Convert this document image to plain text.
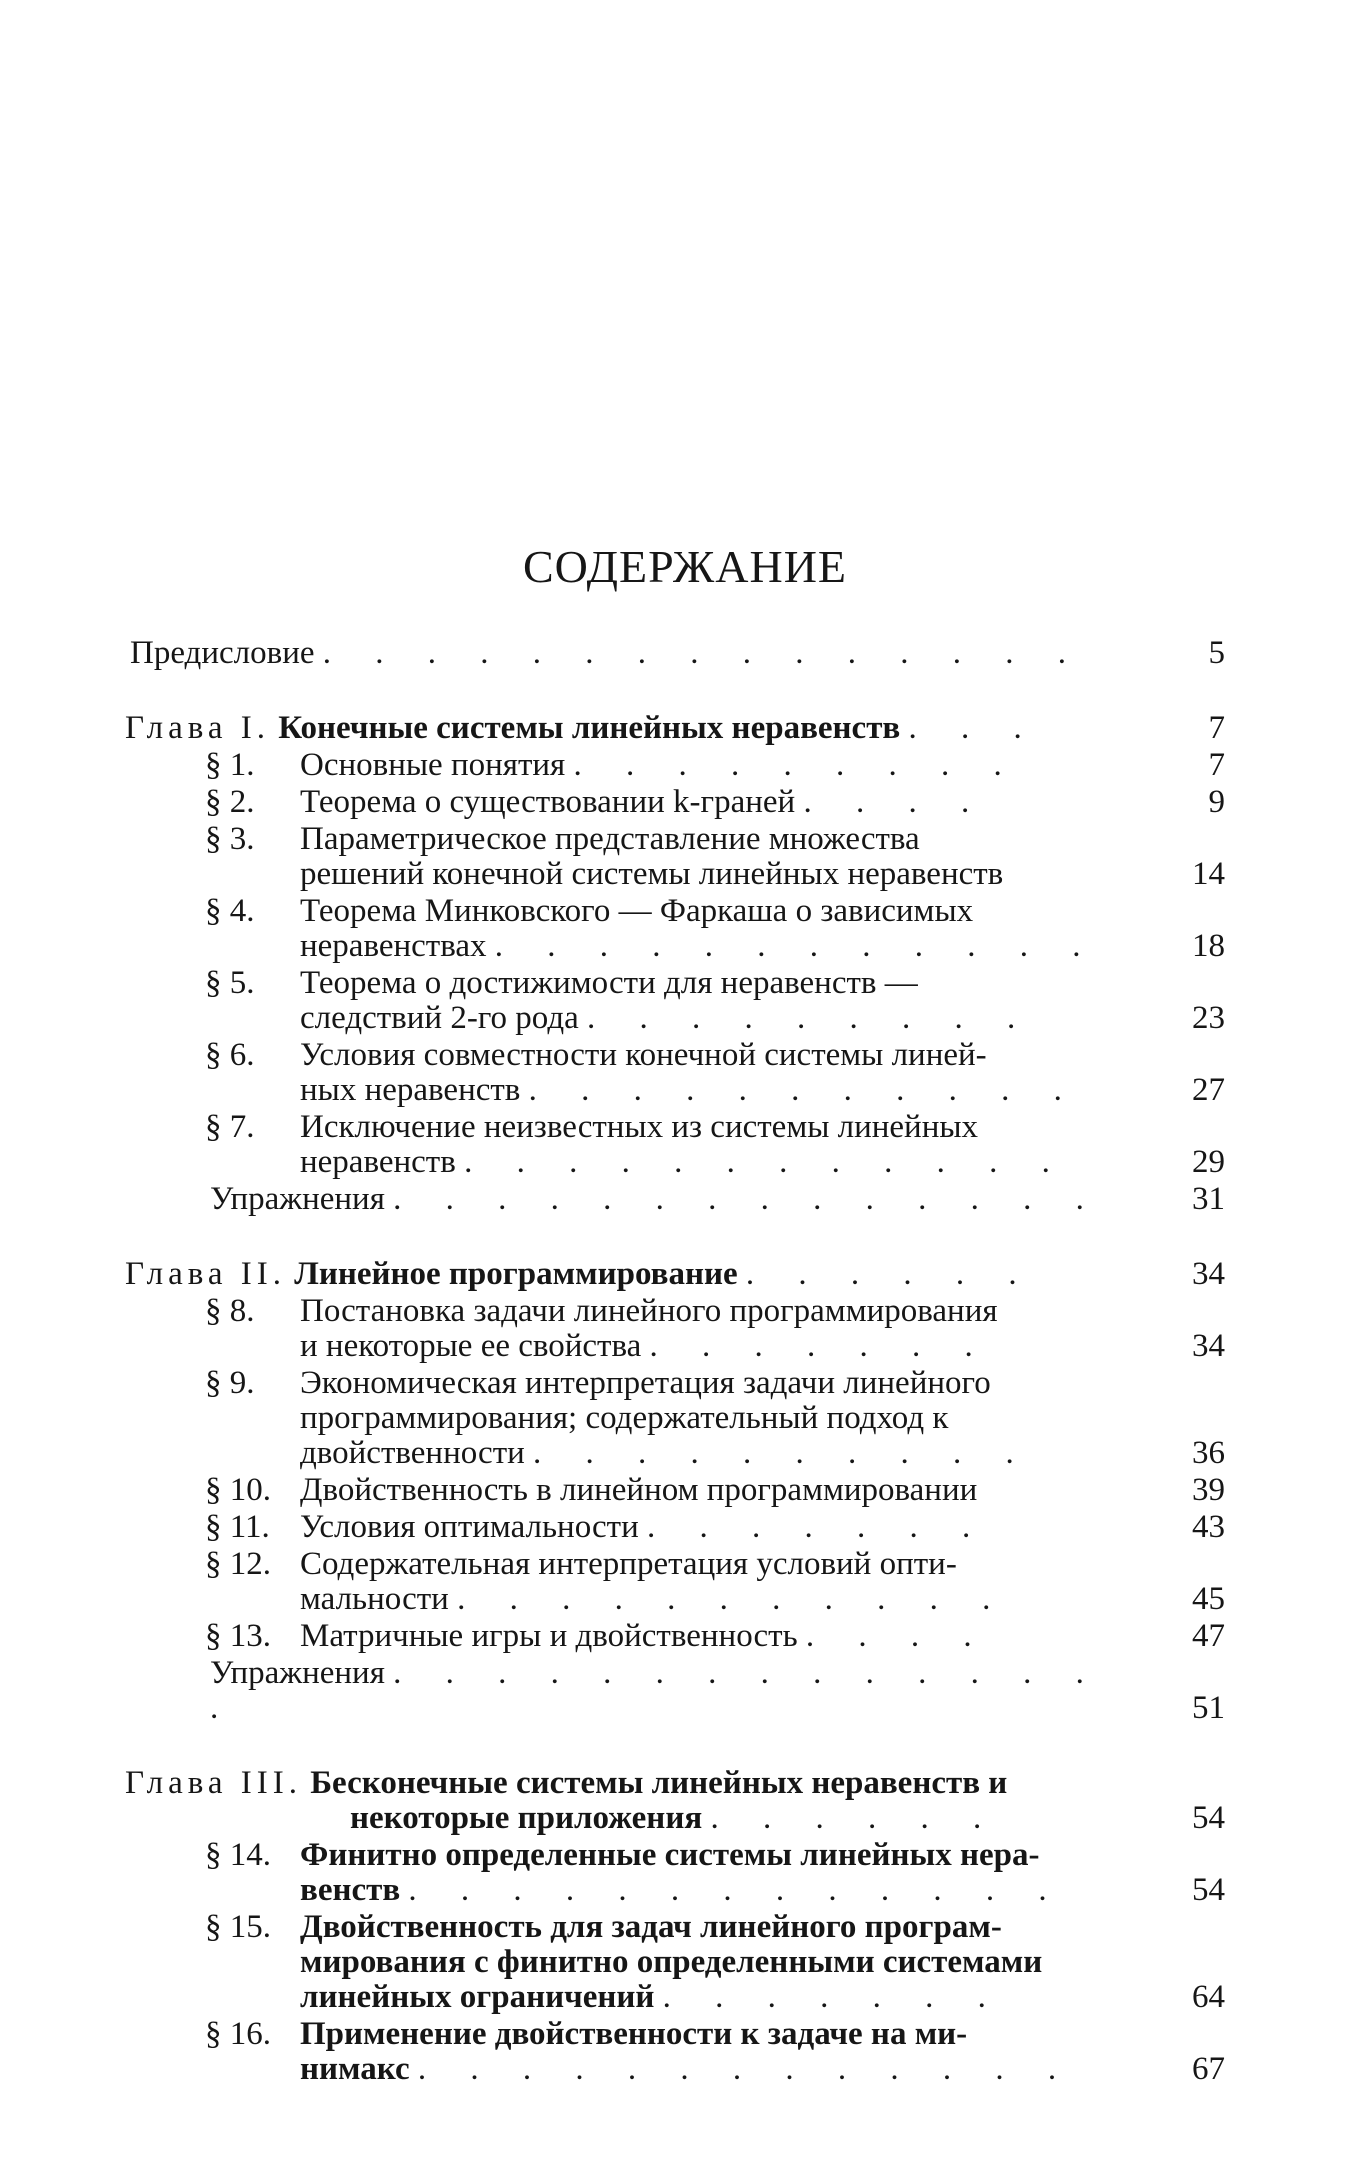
СОДЕРЖАНИЕ
Предисловие . . . . . . . . . . . . . . .	5
Глава I. Конечные системы линейных неравенств . . .	7
§ 1. Основные понятия . . . . . . . . .	7
§ 2. Теорема о существовании k-граней . . . .	9
§ 3. Параметрическое представление множества
решений конечной системы линейных неравенств	14
§ 4. Теорема Минковского — Фаркаша о зависимых
неравенствах . . . . . . . . . . . .	18
§ 5. Теорема о достижимости для неравенств —
следствий 2-го рода . . . . . . . . .	23
§ 6. Условия совместности конечной системы линей-
ных неравенств . . . . . . . . . . .	27
§ 7. Исключение неизвестных из системы линейных
неравенств . . . . . . . . . . . .	29
Упражнения . . . . . . . . . . . . . .	31
Глава II. Линейное программирование . . . . . .	34
§ 8. Постановка задачи линейного программирования
и некоторые ее свойства . . . . . . .	34
§ 9. Экономическая интерпретация задачи линейного
программирования; содержательный подход к
двойственности . . . . . . . . . .	36
§ 10. Двойственность в линейном программировании	39
§ 11. Условия оптимальности . . . . . . .	43
§ 12. Содержательная интерпретация условий опти-
мальности . . . . . . . . . . .	45
§ 13. Матричные игры и двойственность . . . .	47
Упражнения . . . . . . . . . . . . . . .	51
Глава III. Бесконечные системы линейных неравенств и
некоторые приложения . . . . . .	54
§ 14. Финитно определенные системы линейных нера-
венств . . . . . . . . . . . . .	54
§ 15. Двойственность для задач линейного програм-
мирования с финитно определенными системами
линейных ограничений . . . . . . .	64
§ 16. Применение двойственности к задаче на ми-
нимакс . . . . . . . . . . . . .	67
